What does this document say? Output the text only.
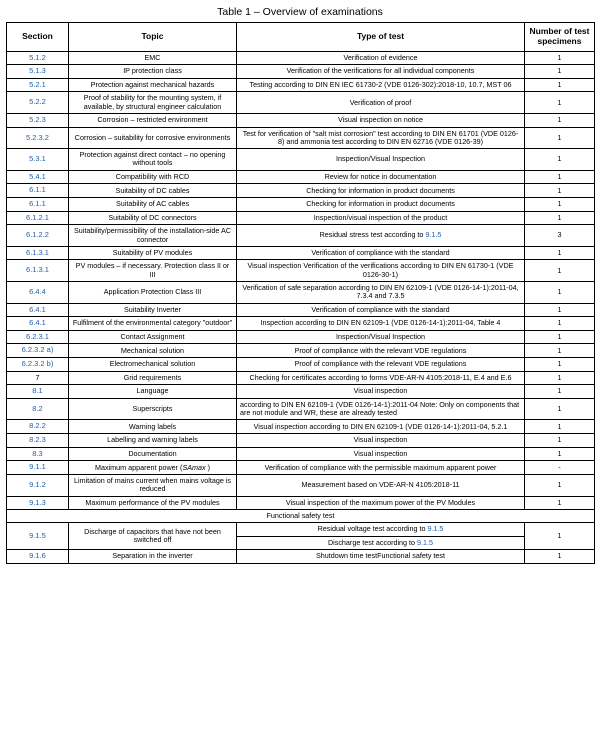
Table 1 – Overview of examinations
Section	Topic	Type of test	Number of test specimens
5.1.2	EMC	Verification of evidence	1
5.1.3	IP protection class	Verification of the verifications for all individual components	1
5.2.1	Protection against mechanical hazards	Testing according to DIN EN IEC 61730-2 (VDE 0126-302):2018-10, 10.7, MST 06	1
5.2.2	Proof of stability for the mounting system, if available, by structural engineer calculation	Verification of proof	1
5.2.3	Corrosion – restricted environment	Visual inspection on notice	1
5.2.3.2	Corrosion – suitability for corrosive environments	Test for verification of "salt mist corrosion" test according to DIN EN 61701 (VDE 0126-8) and ammonia test according to DIN EN 62716 (VDE 0126-39)	1
5.3.1	Protection against direct contact – no opening without tools	Inspection/Visual Inspection	1
5.4.1	Compatibility with RCD	Review for notice in documentation	1
6.1.1	Suitability of DC cables	Checking for information in product documents	1
6.1.1	Suitability of AC cables	Checking for information in product documents	1
6.1.2.1	Suitability of DC connectors	Inspection/visual inspection of the product	1
6.1.2.2	Suitability/permissibility of the installation-side AC connector	Residual stress test according to 9.1.5	3
6.1.3.1	Suitability of PV modules	Verification of compliance with the standard	1
6.1.3.1	PV modules – if necessary. Protection class II or III	Visual inspection Verification of the verifications according to DIN EN 61730-1 (VDE 0126-30-1)	1
6.4.4	Application Protection Class III	Verification of safe separation according to DIN EN 62109-1 (VDE 0126-14-1):2011-04, 7.3.4 and 7.3.5	1
6.4.1	Suitability Inverter	Verification of compliance with the standard	1
6.4.1	Fulfilment of the environmental category "outdoor"	Inspection according to DIN EN 62109-1 (VDE 0126-14-1):2011-04, Table 4	1
6.2.3.1	Contact Assignment	Inspection/Visual Inspection	1
6.2.3.2 a)	Mechanical solution	Proof of compliance with the relevant VDE regulations	1
6.2.3.2 b)	Electromechanical solution	Proof of compliance with the relevant VDE regulations	1
7	Grid requirements	Checking for certificates according to forms VDE-AR-N 4105:2018-11, E.4 and E.6	1
8.1	Language	Visual inspection	1
8.2	Superscripts	according to DIN EN 62109-1 (VDE 0126-14-1):2011-04 Note: Only on components that are not module and WR, these are already tested	1
8.2.2	Warning labels	Visual inspection according to DIN EN 62109-1 (VDE 0126-14-1):2011-04, 5.2.1	1
8.2.3	Labelling and warning labels	Visual inspection	1
8.3	Documentation	Visual inspection	1
9.1.1	Maximum apparent power (SAmax )	Verification of compliance with the permissible maximum apparent power	-
9.1.2	Limitation of mains current when mains voltage is reduced	Measurement based on VDE-AR-N 4105:2018-11	1
9.1.3	Maximum performance of the PV modules	Visual inspection of the maximum power of the PV Modules	1
Functional safety test			
9.1.5	Discharge of capacitors that have not been switched off	Residual voltage test according to 9.1.5	1
		Discharge test according to 9.1.5	
9.1.6	Separation in the inverter	Shutdown time testFunctional safety test	1
